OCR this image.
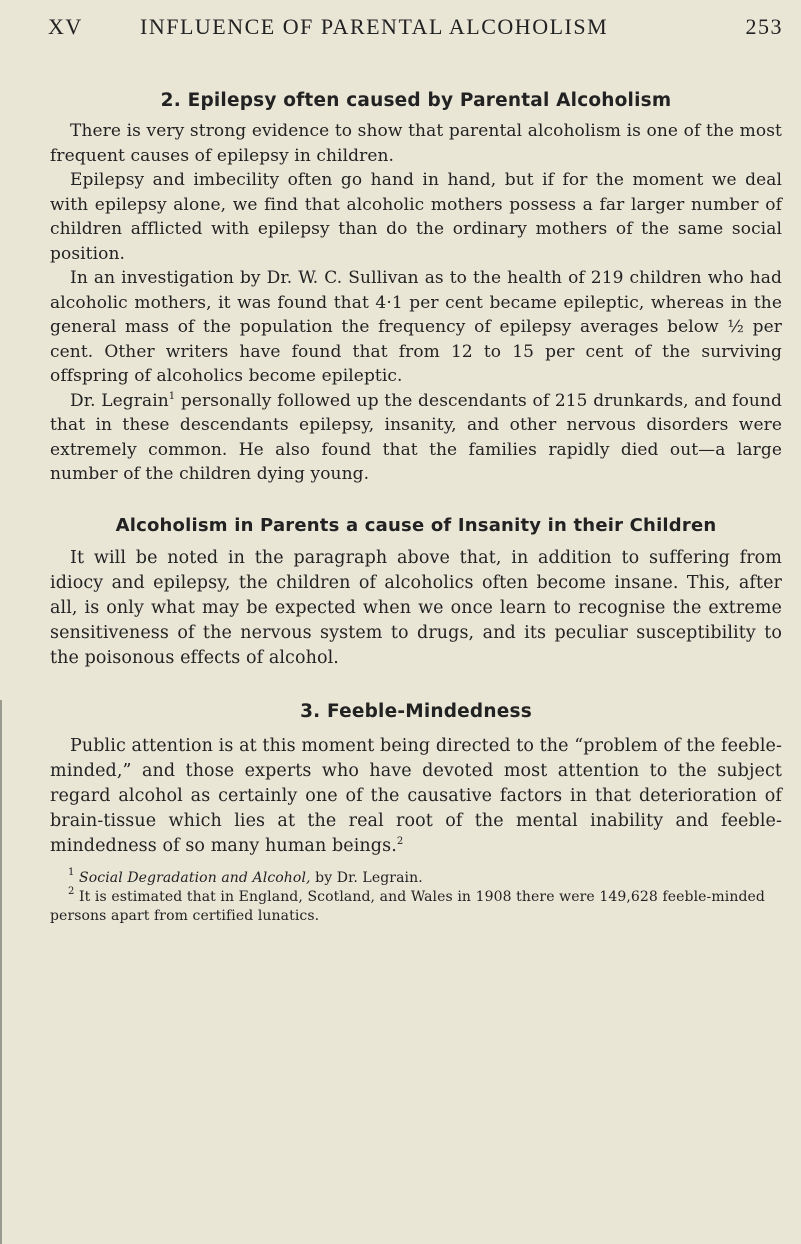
XV	INFLUENCE OF PARENTAL ALCOHOLISM	253
2. Epilepsy often caused by Parental Alcoholism

There is very strong evidence to show that parental alcoholism is one of the most frequent causes of epilepsy in children.

Epilepsy and imbecility often go hand in hand, but if for the moment we deal with epilepsy alone, we find that alcoholic mothers possess a far larger number of children afflicted with epilepsy than do the ordinary mothers of the same social position.

In an investigation by Dr. W. C. Sullivan as to the health of 219 children who had alcoholic mothers, it was found that 4·1 per cent became epileptic, whereas in the general mass of the population the frequency of epilepsy averages below ½ per cent. Other writers have found that from 12 to 15 per cent of the surviving offspring of alcoholics become epileptic.

Dr. Legrain$^1$ personally followed up the descendants of 215 drunkards, and found that in these descendants epilepsy, insanity, and other nervous disorders were extremely common. He also found that the families rapidly died out—a large number of the children dying young.

Alcoholism in Parents a cause of Insanity in their Children

It will be noted in the paragraph above that, in addition to suffering from idiocy and epilepsy, the children of alcoholics often become insane. This, after all, is only what may be expected when we once learn to recognise the extreme sensitiveness of the nervous system to drugs, and its peculiar susceptibility to the poisonous effects of alcohol.

3. Feeble-Mindedness

Public attention is at this moment being directed to the “problem of the feeble-minded,” and those experts who have devoted most attention to the subject regard alcohol as certainly one of the causative factors in that deterioration of brain-tissue which lies at the real root of the mental inability and feeble-mindedness of so many human beings.$^2$

$^1$ Social Degradation and Alcohol, by Dr. Legrain.

$^2$ It is estimated that in England, Scotland, and Wales in 1908 there were 149,628 feeble-minded persons apart from certified lunatics.
